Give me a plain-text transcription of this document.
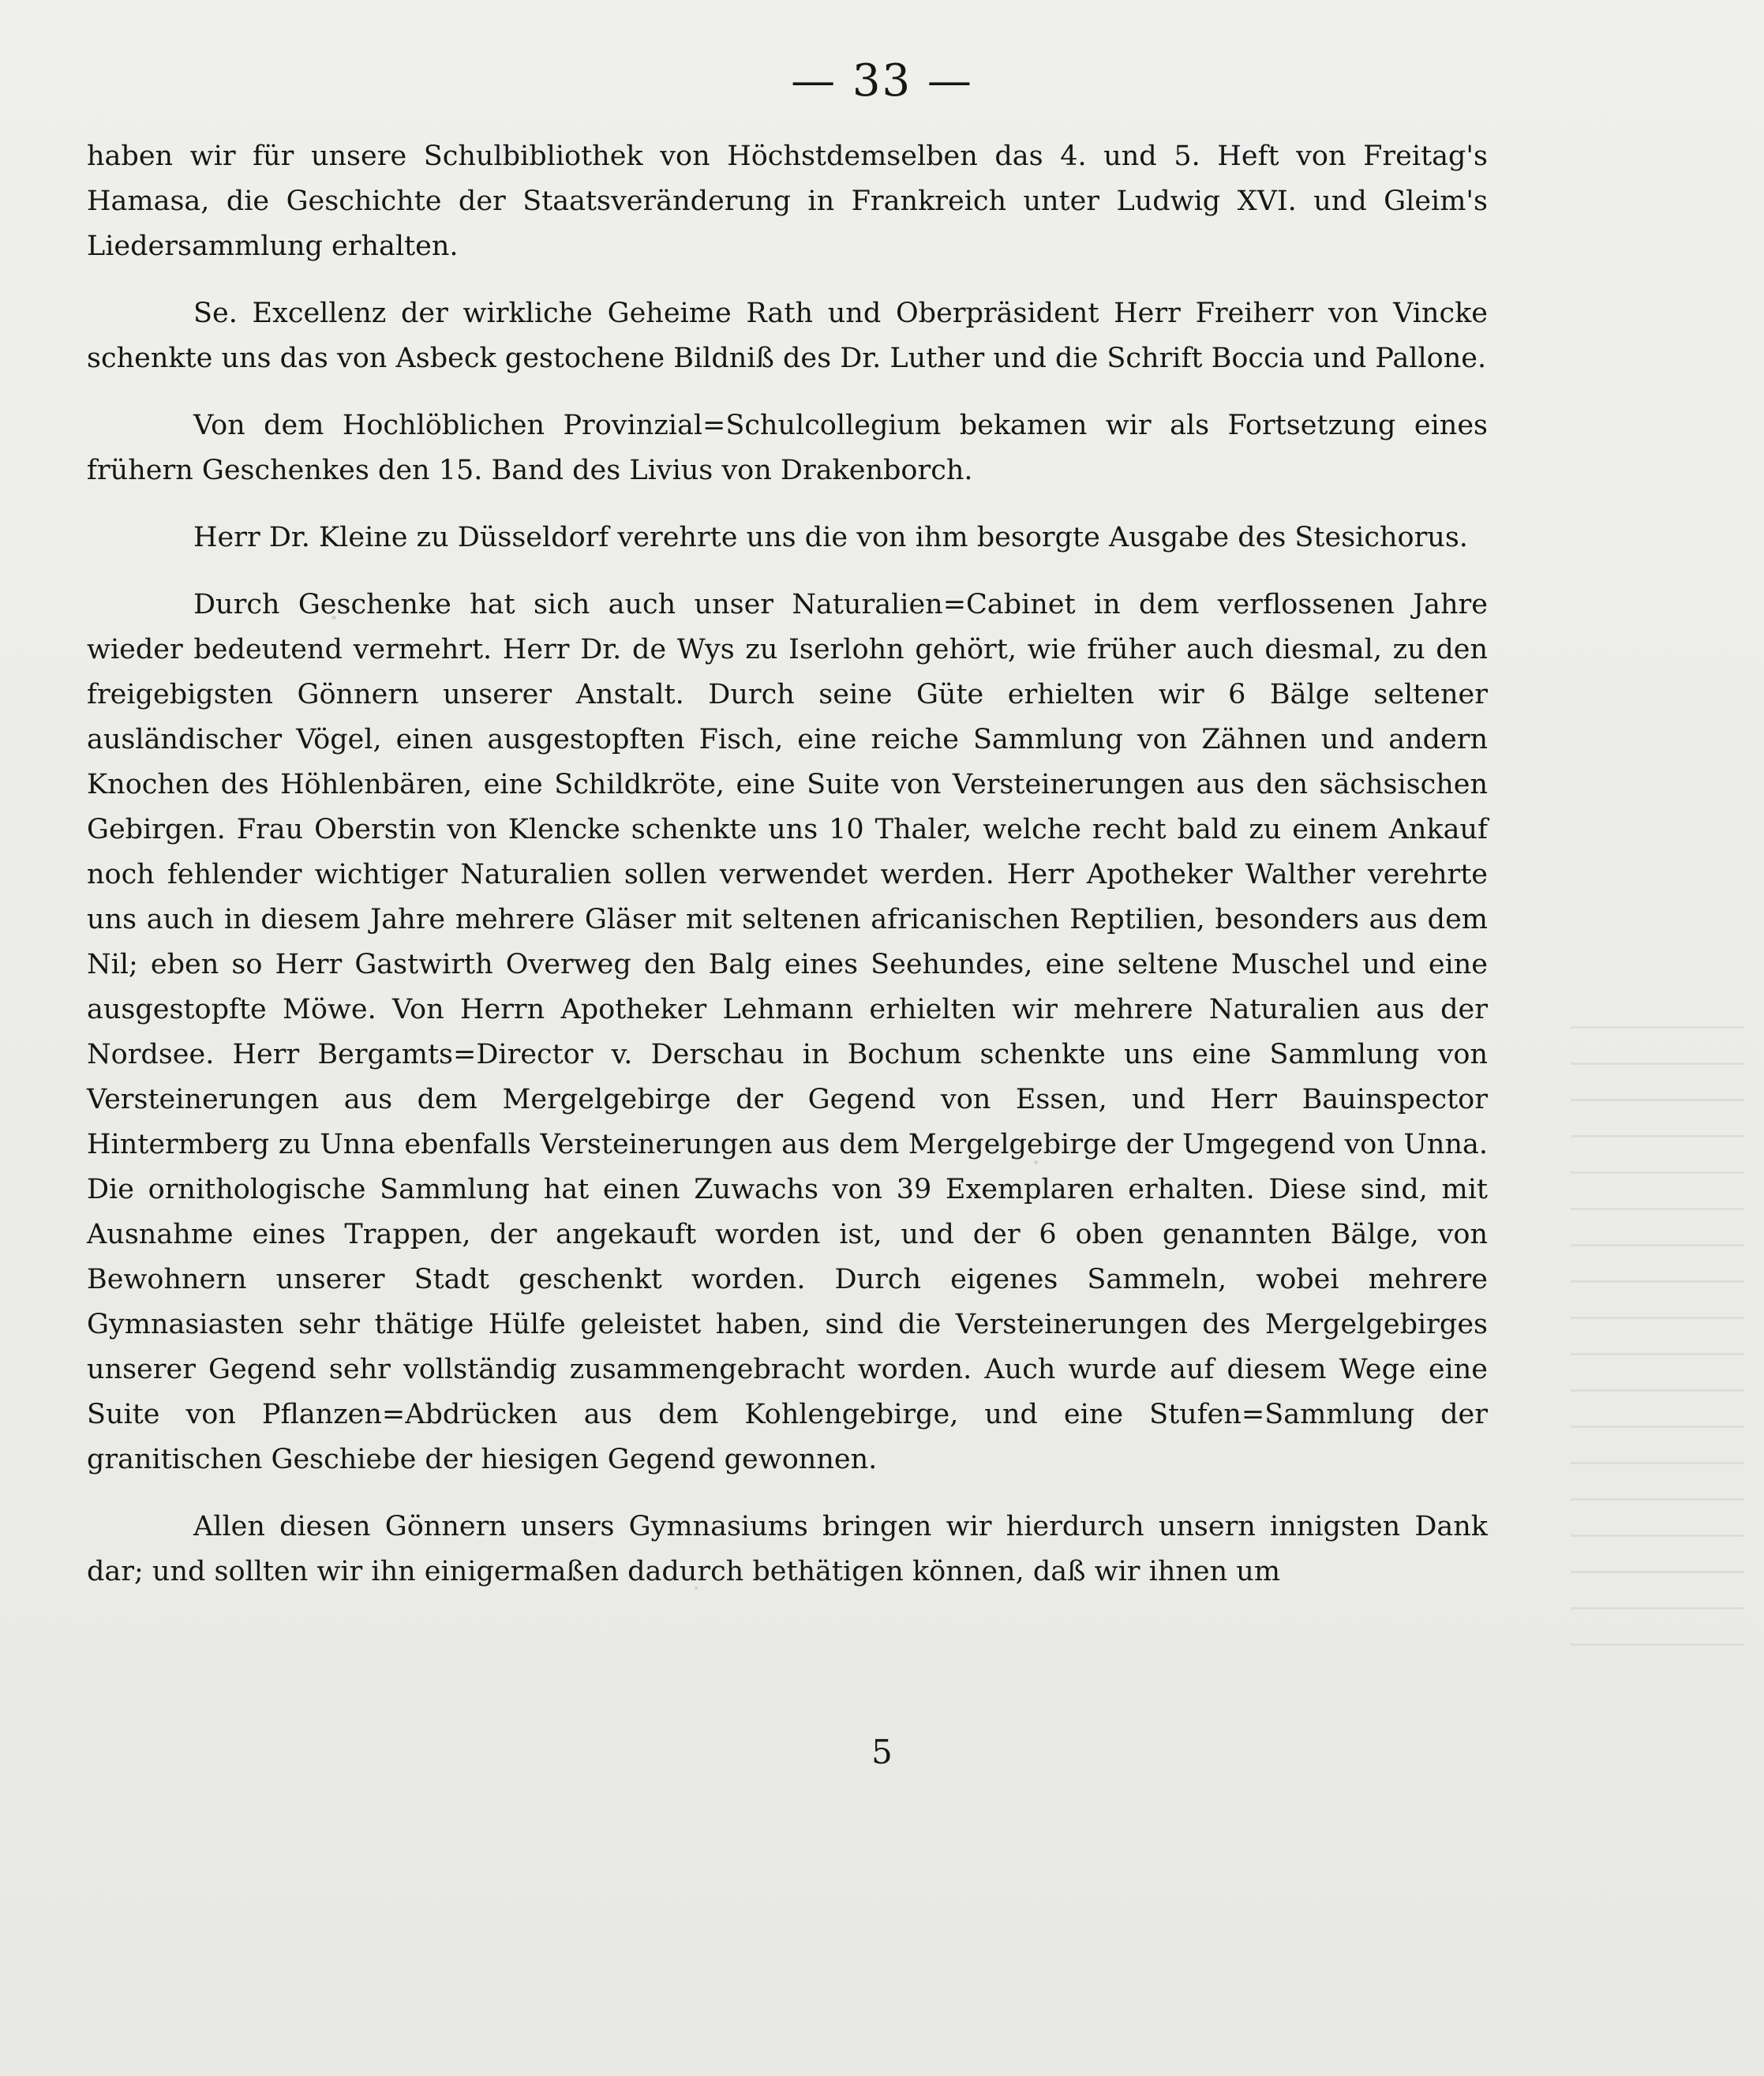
— 33 —

haben wir für unsere Schulbibliothek von Höchstdemselben das 4. und 5. Heft von Freitag's Hamasa, die Geschichte der Staatsveränderung in Frankreich unter Ludwig XVI. und Gleim's Liedersammlung erhalten.

Se. Excellenz der wirkliche Geheime Rath und Oberpräsident Herr Freiherr von Vincke schenkte uns das von Asbeck gestochene Bildniß des Dr. Luther und die Schrift Boccia und Pallone.

Von dem Hochlöblichen Provinzial=Schulcollegium bekamen wir als Fortsetzung eines frühern Geschenkes den 15. Band des Livius von Drakenborch.

Herr Dr. Kleine zu Düsseldorf verehrte uns die von ihm besorgte Ausgabe des Stesichorus.

Durch Geschenke hat sich auch unser Naturalien=Cabinet in dem verflossenen Jahre wieder bedeutend vermehrt. Herr Dr. de Wys zu Iserlohn gehört, wie früher auch diesmal, zu den freigebigsten Gönnern unserer Anstalt. Durch seine Güte erhielten wir 6 Bälge seltener ausländischer Vögel, einen ausgestopften Fisch, eine reiche Sammlung von Zähnen und andern Knochen des Höhlenbären, eine Schildkröte, eine Suite von Versteinerungen aus den sächsischen Gebirgen. Frau Oberstin von Klencke schenkte uns 10 Thaler, welche recht bald zu einem Ankauf noch fehlender wichtiger Naturalien sollen verwendet werden. Herr Apotheker Walther verehrte uns auch in diesem Jahre mehrere Gläser mit seltenen africanischen Reptilien, besonders aus dem Nil; eben so Herr Gastwirth Overweg den Balg eines Seehundes, eine seltene Muschel und eine ausgestopfte Möwe. Von Herrn Apotheker Lehmann erhielten wir mehrere Naturalien aus der Nordsee. Herr Bergamts=Director v. Derschau in Bochum schenkte uns eine Sammlung von Versteinerungen aus dem Mergelgebirge der Gegend von Essen, und Herr Bauinspector Hintermberg zu Unna ebenfalls Versteinerungen aus dem Mergelgebirge der Umgegend von Unna. Die ornithologische Sammlung hat einen Zuwachs von 39 Exemplaren erhalten. Diese sind, mit Ausnahme eines Trappen, der angekauft worden ist, und der 6 oben genannten Bälge, von Bewohnern unserer Stadt geschenkt worden. Durch eigenes Sammeln, wobei mehrere Gymnasiasten sehr thätige Hülfe geleistet haben, sind die Versteinerungen des Mergelgebirges unserer Gegend sehr vollständig zusammengebracht worden. Auch wurde auf diesem Wege eine Suite von Pflanzen=Abdrücken aus dem Kohlengebirge, und eine Stufen=Sammlung der granitischen Geschiebe der hiesigen Gegend gewonnen.

Allen diesen Gönnern unsers Gymnasiums bringen wir hierdurch unsern innigsten Dank dar; und sollten wir ihn einigermaßen dadurch bethätigen können, daß wir ihnen um

5
